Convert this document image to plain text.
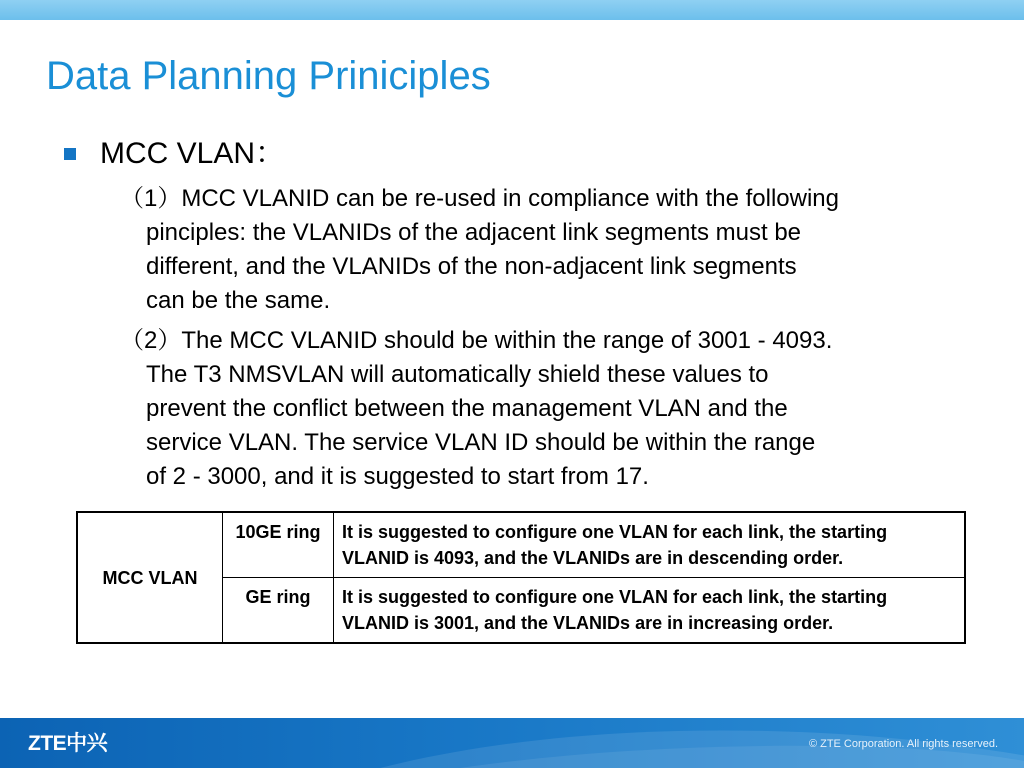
Data Planning Priniciples
MCC VLAN：
（1）MCC VLANID can be re-used in compliance with the following
pinciples: the VLANIDs of the adjacent link segments must be
different, and the VLANIDs of the non-adjacent link segments
can be the same.
（2）The MCC VLANID should be within the range of 3001 - 4093.
The T3 NMSVLAN will automatically shield these values to
prevent the conflict between the management VLAN and the
service VLAN. The service VLAN ID should be within the range
of 2 - 3000, and it is suggested to start from 17.
MCC VLAN	10GE ring	It is suggested to configure one VLAN for each link, the starting VLANID is 4093, and the VLANIDs are in descending order.
	GE ring	It is suggested to configure one VLAN for each link, the starting VLANID is 3001, and the VLANIDs are in increasing order.
ZTE中兴	© ZTE Corporation. All rights reserved.
